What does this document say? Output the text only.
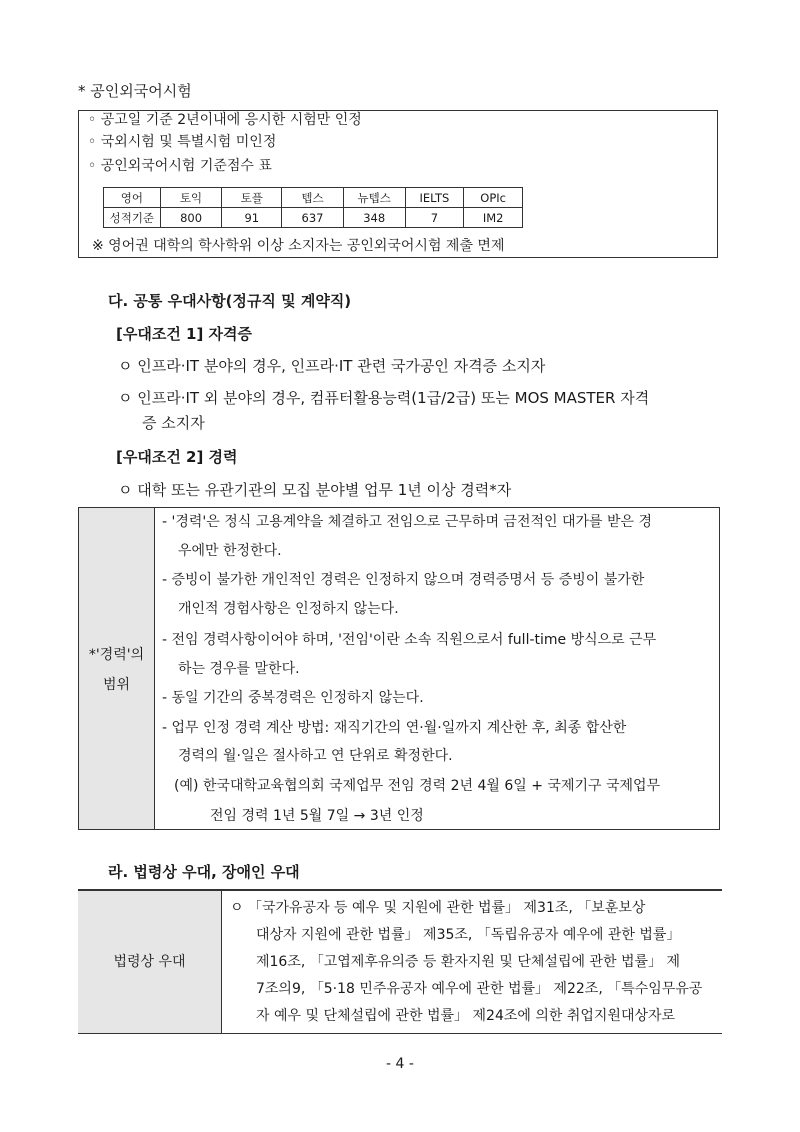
* 공인외국어시험
◦ 공고일 기준 2년이내에 응시한 시험만 인정
◦ 국외시험 및 특별시험 미인정
◦ 공인외국어시험 기준점수 표
영어	토익	토플	텝스	뉴텝스	IELTS	OPIc
성적기준	800	91	637	348	7	IM2
※ 영어권 대학의 학사학위 이상 소지자는 공인외국어시험 제출 면제
다. 공통 우대사항(정규직 및 계약직)
[우대조건 1] 자격증
ㅇ 인프라·IT 분야의 경우, 인프라·IT 관련 국가공인 자격증 소지자
ㅇ 인프라·IT 외 분야의 경우, 컴퓨터활용능력(1급/2급) 또는 MOS MASTER 자격
증 소지자
[우대조건 2] 경력
ㅇ 대학 또는 유관기관의 모집 분야별 업무 1년 이상 경력*자
*'경력'의
범위
- '경력'은 정식 고용계약을 체결하고 전임으로 근무하며 금전적인 대가를 받은 경
우에만 한정한다.
- 증빙이 불가한 개인적인 경력은 인정하지 않으며 경력증명서 등 증빙이 불가한
개인적 경험사항은 인정하지 않는다.
- 전임 경력사항이어야 하며, '전임'이란 소속 직원으로서 full-time 방식으로 근무
하는 경우를 말한다.
- 동일 기간의 중복경력은 인정하지 않는다.
- 업무 인정 경력 계산 방법: 재직기간의 연·월·일까지 계산한 후, 최종 합산한
경력의 월·일은 절사하고 연 단위로 확정한다.
(예) 한국대학교육협의회 국제업무 전임 경력 2년 4월 6일 + 국제기구 국제업무
전임 경력 1년 5월 7일 → 3년 인정
라. 법령상 우대, 장애인 우대
법령상 우대
ㅇ 「국가유공자 등 예우 및 지원에 관한 법률」 제31조, 「보훈보상
대상자 지원에 관한 법률」 제35조, 「독립유공자 예우에 관한 법률」
제16조, 「고엽제후유의증 등 환자지원 및 단체설립에 관한 법률」 제
7조의9, 「5·18 민주유공자 예우에 관한 법률」 제22조, 「특수임무유공
자 예우 및 단체설립에 관한 법률」 제24조에 의한 취업지원대상자로
- 4 -
